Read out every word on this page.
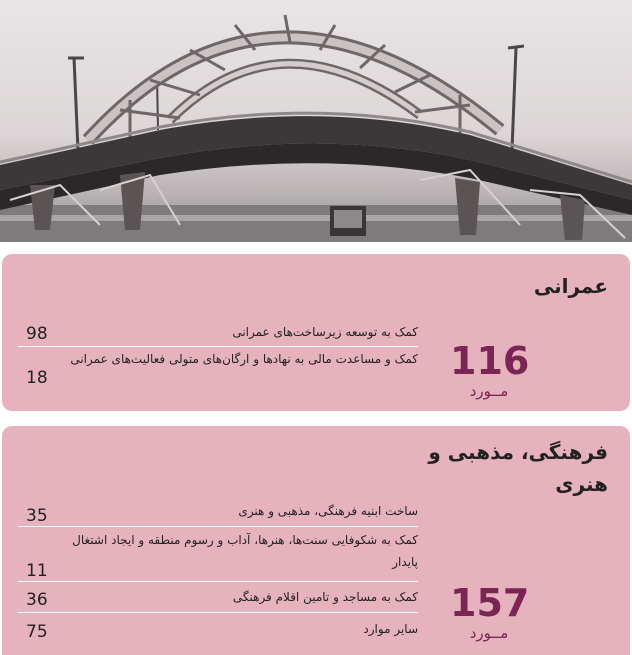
عمرانی
کمک به توسعه زیرساخت‌های عمرانی
98
کمک و مساعدت مالی به نهادها و ارگان‌های متولی فعالیت‌های عمرانی
18	116
مــورد
فرهنگی، مذهبی و هنری
ساخت ابنیه فرهنگی، مذهبی و هنری
35
کمک به شکوفایی سنت‌ها، هنرها، آداب و رسوم منطقه و ایجاد اشتغال پایدار
11
کمک به مساجد و تامین اقلام فرهنگی
36
سایر موارد
75
157
مــورد
